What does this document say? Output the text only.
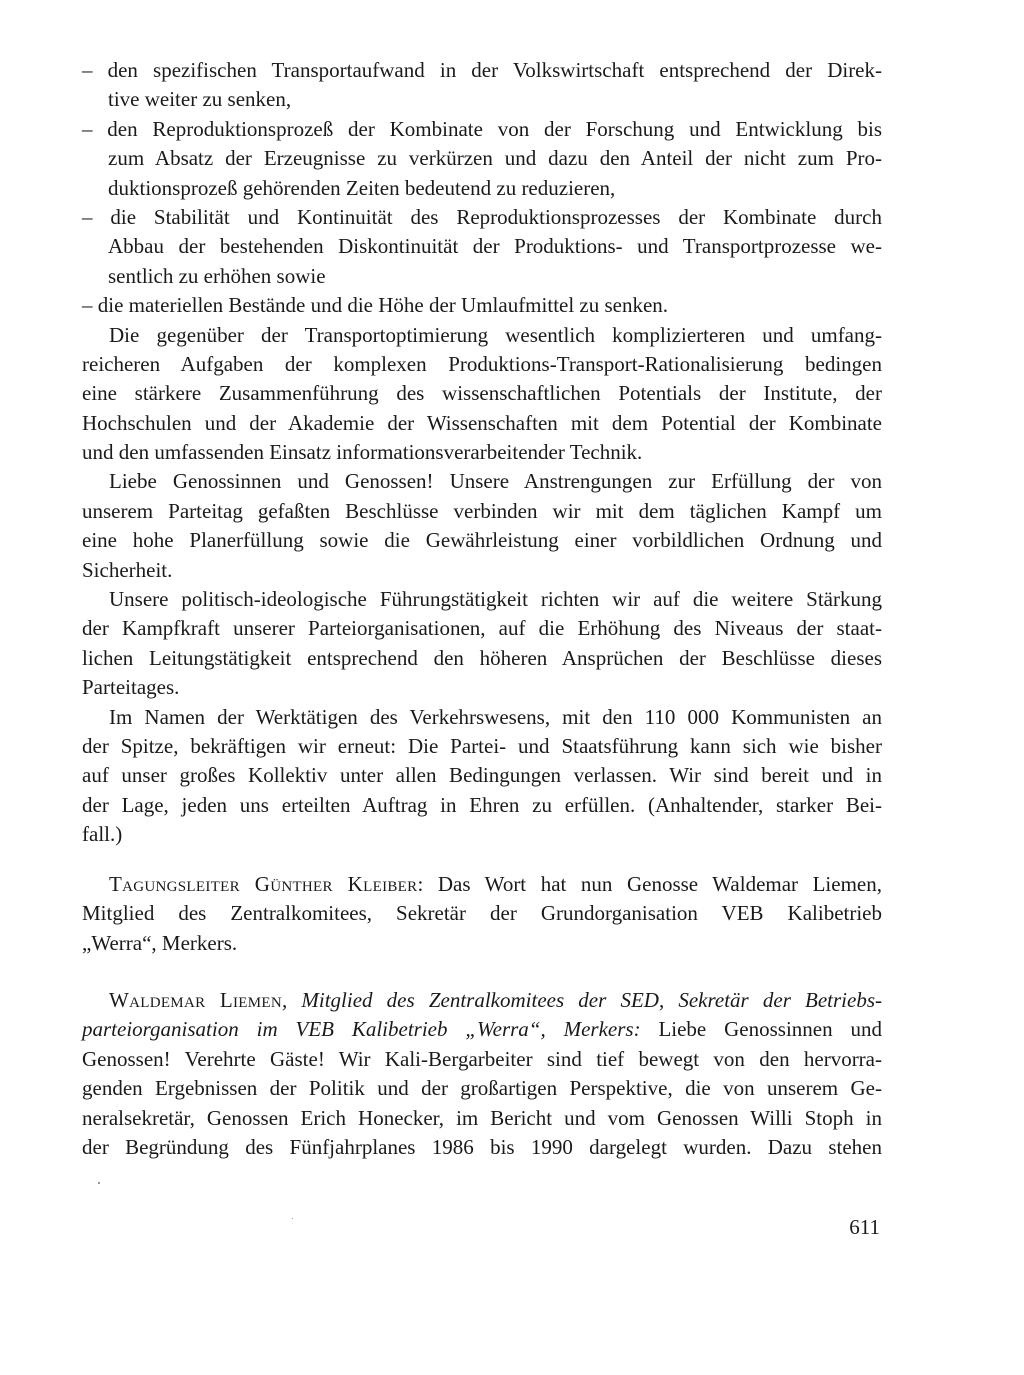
– den spezifischen Transportaufwand in der Volkswirtschaft entsprechend der Direk-
tive weiter zu senken,
– den Reproduktionsprozeß der Kombinate von der Forschung und Entwicklung bis
zum Absatz der Erzeugnisse zu verkürzen und dazu den Anteil der nicht zum Pro-
duktionsprozeß gehörenden Zeiten bedeutend zu reduzieren,
– die Stabilität und Kontinuität des Reproduktionsprozesses der Kombinate durch
Abbau der bestehenden Diskontinuität der Produktions- und Transportprozesse we-
sentlich zu erhöhen sowie
– die materiellen Bestände und die Höhe der Umlaufmittel zu senken.
Die gegenüber der Transportoptimierung wesentlich komplizierteren und umfang-
reicheren Aufgaben der komplexen Produktions-Transport-Rationalisierung bedingen
eine stärkere Zusammenführung des wissenschaftlichen Potentials der Institute, der
Hochschulen und der Akademie der Wissenschaften mit dem Potential der Kombinate
und den umfassenden Einsatz informationsverarbeitender Technik.
Liebe Genossinnen und Genossen! Unsere Anstrengungen zur Erfüllung der von
unserem Parteitag gefaßten Beschlüsse verbinden wir mit dem täglichen Kampf um
eine hohe Planerfüllung sowie die Gewährleistung einer vorbildlichen Ordnung und
Sicherheit.
Unsere politisch-ideologische Führungstätigkeit richten wir auf die weitere Stärkung
der Kampfkraft unserer Parteiorganisationen, auf die Erhöhung des Niveaus der staat-
lichen Leitungstätigkeit entsprechend den höheren Ansprüchen der Beschlüsse dieses
Parteitages.
Im Namen der Werktätigen des Verkehrswesens, mit den 110 000 Kommunisten an
der Spitze, bekräftigen wir erneut: Die Partei- und Staatsführung kann sich wie bisher
auf unser großes Kollektiv unter allen Bedingungen verlassen. Wir sind bereit und in
der Lage, jeden uns erteilten Auftrag in Ehren zu erfüllen. (Anhaltender, starker Bei-
fall.)
Tagungsleiter Günther Kleiber: Das Wort hat nun Genosse Waldemar Liemen,
Mitglied des Zentralkomitees, Sekretär der Grundorganisation VEB Kalibetrieb
„Werra“, Merkers.
Waldemar Liemen, Mitglied des Zentralkomitees der SED, Sekretär der Betriebs-
parteiorganisation im VEB Kalibetrieb „Werra“, Merkers: Liebe Genossinnen und
Genossen! Verehrte Gäste! Wir Kali-Bergarbeiter sind tief bewegt von den hervorra-
genden Ergebnissen der Politik und der großartigen Perspektive, die von unserem Ge-
neralsekretär, Genossen Erich Honecker, im Bericht und vom Genossen Willi Stoph in
der Begründung des Fünfjahrplanes 1986 bis 1990 dargelegt wurden. Dazu stehen
611
